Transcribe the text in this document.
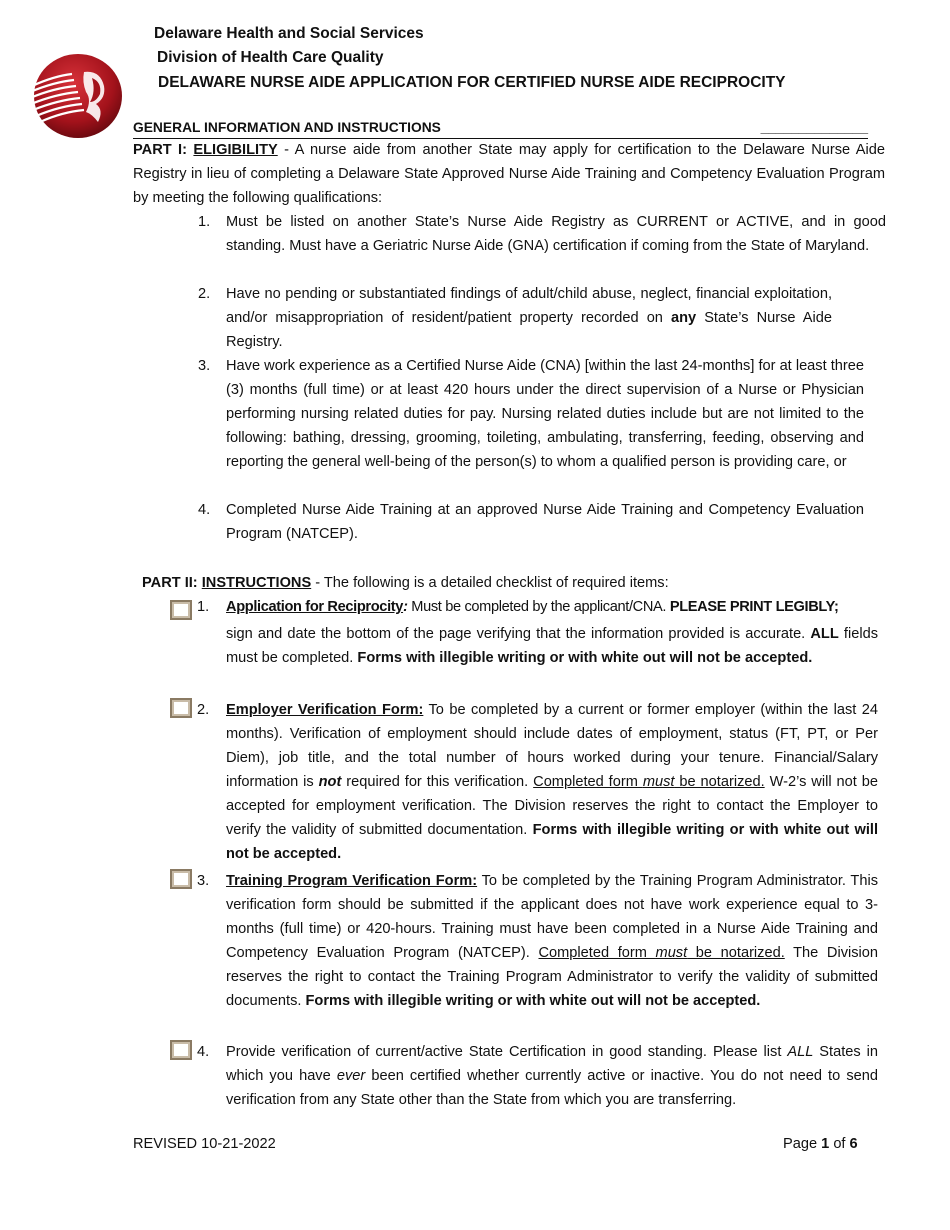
Delaware Health and Social Services
Division of Health Care Quality
DELAWARE NURSE AIDE APPLICATION FOR CERTIFIED NURSE AIDE RECIPROCITY
GENERAL INFORMATION AND INSTRUCTIONS	______________
PART I: ELIGIBILITY - A nurse aide from another State may apply for certification to the Delaware Nurse Aide Registry in lieu of completing a Delaware State Approved Nurse Aide Training and Competency Evaluation Program by meeting the following qualifications:
1. Must be listed on another State’s Nurse Aide Registry as CURRENT or ACTIVE, and in good standing. Must have a Geriatric Nurse Aide (GNA) certification if coming from the State of Maryland.
2. Have no pending or substantiated findings of adult/child abuse, neglect, financial exploitation, and/or misappropriation of resident/patient property recorded on any State’s Nurse Aide Registry.
3. Have work experience as a Certified Nurse Aide (CNA) [within the last 24-months] for at least three (3) months (full time) or at least 420 hours under the direct supervision of a Nurse or Physician performing nursing related duties for pay. Nursing related duties include but are not limited to the following: bathing, dressing, grooming, toileting, ambulating, transferring, feeding, observing and reporting the general well-being of the person(s) to whom a qualified person is providing care, or
4. Completed Nurse Aide Training at an approved Nurse Aide Training and Competency Evaluation Program (NATCEP).
PART II: INSTRUCTIONS - The following is a detailed checklist of required items:
1. Application for Reciprocity: Must be completed by the applicant/CNA. PLEASE PRINT LEGIBLY;
sign and date the bottom of the page verifying that the information provided is accurate. ALL fields must be completed. Forms with illegible writing or with white out will not be accepted.
2. Employer Verification Form: To be completed by a current or former employer (within the last 24 months). Verification of employment should include dates of employment, status (FT, PT, or Per Diem), job title, and the total number of hours worked during your tenure. Financial/Salary information is not required for this verification. Completed form must be notarized. W-2’s will not be accepted for employment verification. The Division reserves the right to contact the Employer to verify the validity of submitted documentation. Forms with illegible writing or with white out will not be accepted.
3. Training Program Verification Form: To be completed by the Training Program Administrator. This verification form should be submitted if the applicant does not have work experience equal to 3-months (full time) or 420-hours. Training must have been completed in a Nurse Aide Training and Competency Evaluation Program (NATCEP). Completed form must be notarized. The Division reserves the right to contact the Training Program Administrator to verify the validity of submitted documents. Forms with illegible writing or with white out will not be accepted.
4. Provide verification of current/active State Certification in good standing. Please list ALL States in which you have ever been certified whether currently active or inactive. You do not need to send verification from any State other than the State from which you are transferring.
REVISED 10-21-2022	Page 1 of 6
